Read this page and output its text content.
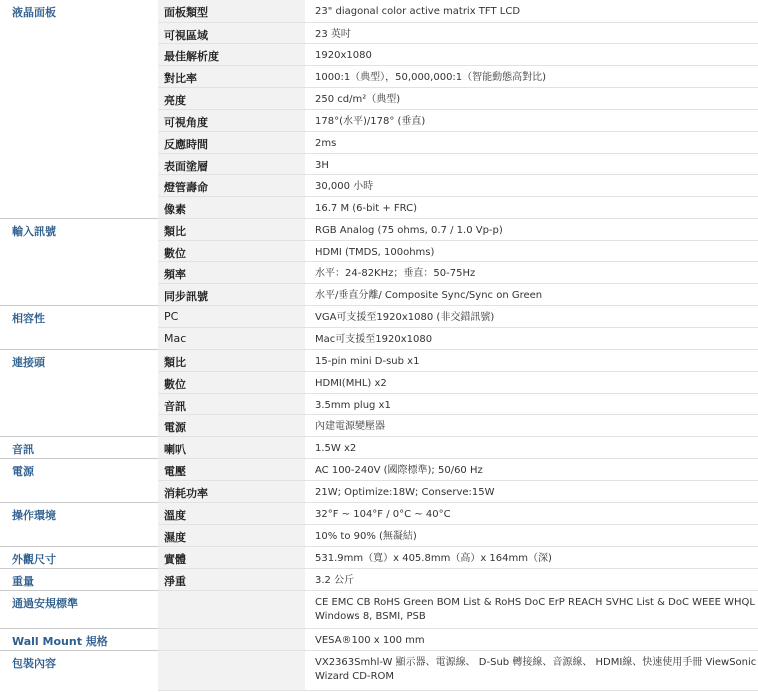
液晶面板	面板類型	23" diagonal color active matrix TFT LCD
	可視區域	23 英吋
	最佳解析度	1920x1080
	對比率	1000:1（典型），50,000,000:1（智能動態高對比)
	亮度	250 cd/m²（典型)
	可視角度	178°(水平)/178° (垂直)
	反應時間	2ms
	表面塗層	3H
	燈管壽命	30,000 小時
	像素	16.7 M (6-bit + FRC)
輸入訊號	類比	RGB Analog (75 ohms, 0.7 / 1.0 Vp-p)
	數位	HDMI (TMDS, 100ohms)
	頻率	水平：24-82KHz；垂直：50-75Hz
	同步訊號	水平/垂直分離/ Composite Sync/Sync on Green
相容性	PC	VGA可支援至1920x1080 (非交錯訊號)
	Mac	Mac可支援至1920x1080
連接頭	類比	15-pin mini D-sub x1
	數位	HDMI(MHL) x2
	音訊	3.5mm plug x1
	電源	內建電源變壓器
音訊	喇叭	1.5W x2
電源	電壓	AC 100-240V (國際標準); 50/60 Hz
	消耗功率	21W; Optimize:18W; Conserve:15W
操作環境	溫度	32°F ~ 104°F / 0°C ~ 40°C
	濕度	10% to 90% (無凝結)
外觀尺寸	實體	531.9mm（寬）x 405.8mm（高）x 164mm（深)
重量	淨重	3.2 公斤
通過安規標準		CE EMC CB RoHS Green BOM List & RoHS DoC ErP REACH SVHC List & DoC WEEE WHQL Windows 8, BSMI, PSB
Wall Mount 規格		VESA®100 x 100 mm
包裝內容		VX2363Smhl-W 顯示器、電源線、 D-Sub 轉接線、音源線、 HDMI線、快速使用手冊 ViewSonic Wizard CD-ROM
